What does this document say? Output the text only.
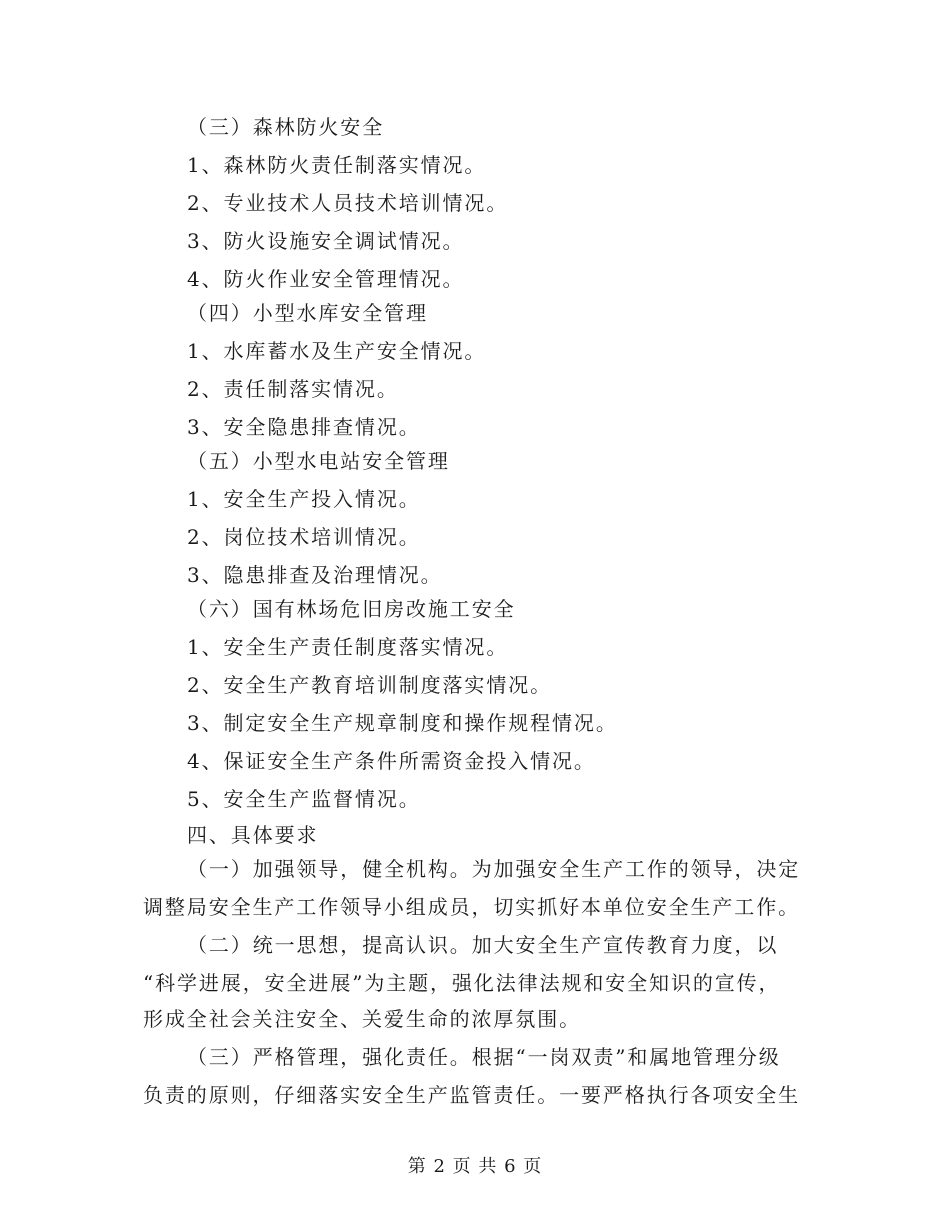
（三）森林防火安全
1、森林防火责任制落实情况。
2、专业技术人员技术培训情况。
3、防火设施安全调试情况。
4、防火作业安全管理情况。
（四）小型水库安全管理
1、水库蓄水及生产安全情况。
2、责任制落实情况。
3、安全隐患排查情况。
（五）小型水电站安全管理
1、安全生产投入情况。
2、岗位技术培训情况。
3、隐患排查及治理情况。
（六）国有林场危旧房改施工安全
1、安全生产责任制度落实情况。
2、安全生产教育培训制度落实情况。
3、制定安全生产规章制度和操作规程情况。
4、保证安全生产条件所需资金投入情况。
5、安全生产监督情况。
四、具体要求
（一）加强领导，健全机构。为加强安全生产工作的领导，决定
调整局安全生产工作领导小组成员，切实抓好本单位安全生产工作。
（二）统一思想，提高认识。加大安全生产宣传教育力度，以
“科学进展，安全进展”为主题，强化法律法规和安全知识的宣传，
形成全社会关注安全、关爱生命的浓厚氛围。
（三）严格管理，强化责任。根据“一岗双责”和属地管理分级
负责的原则，仔细落实安全生产监管责任。一要严格执行各项安全生
第 2 页 共 6 页
